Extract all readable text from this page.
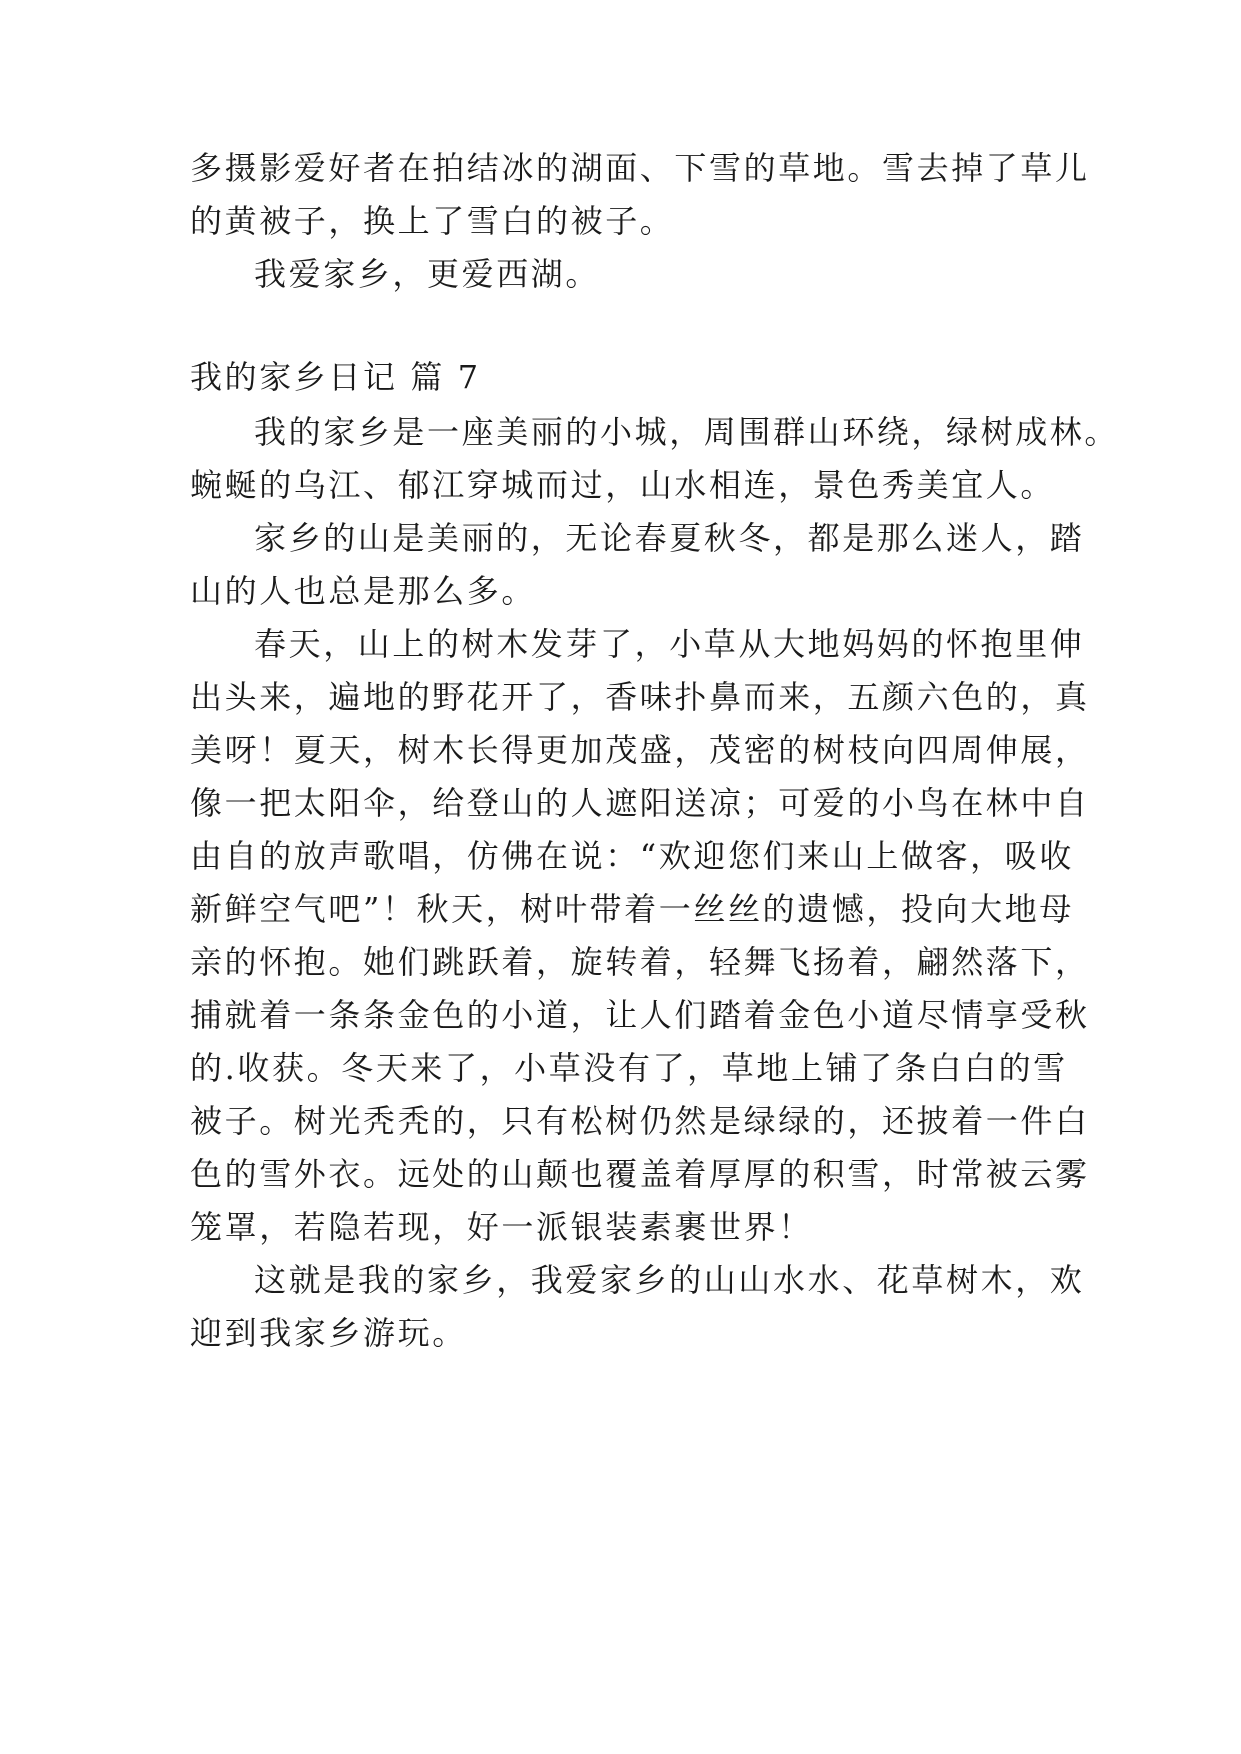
多摄影爱好者在拍结冰的湖面、下雪的草地。雪去掉了草儿
的黄被子，换上了雪白的被子。
我爱家乡，更爱西湖。
我的家乡日记 篇 7
我的家乡是一座美丽的小城，周围群山环绕，绿树成林。
蜿蜒的乌江、郁江穿城而过，山水相连，景色秀美宜人。
家乡的山是美丽的，无论春夏秋冬，都是那么迷人，踏
山的人也总是那么多。
春天，山上的树木发芽了，小草从大地妈妈的怀抱里伸
出头来，遍地的野花开了，香味扑鼻而来，五颜六色的，真
美呀！夏天，树木长得更加茂盛，茂密的树枝向四周伸展，
像一把太阳伞，给登山的人遮阳送凉；可爱的小鸟在林中自
由自的放声歌唱，仿佛在说：“欢迎您们来山上做客，吸收
新鲜空气吧”！秋天，树叶带着一丝丝的遗憾，投向大地母
亲的怀抱。她们跳跃着，旋转着，轻舞飞扬着，翩然落下，
捕就着一条条金色的小道，让人们踏着金色小道尽情享受秋
的.收获。冬天来了，小草没有了，草地上铺了条白白的雪
被子。树光秃秃的，只有松树仍然是绿绿的，还披着一件白
色的雪外衣。远处的山颠也覆盖着厚厚的积雪，时常被云雾
笼罩，若隐若现，好一派银装素裹世界！
这就是我的家乡，我爱家乡的山山水水、花草树木，欢
迎到我家乡游玩。
